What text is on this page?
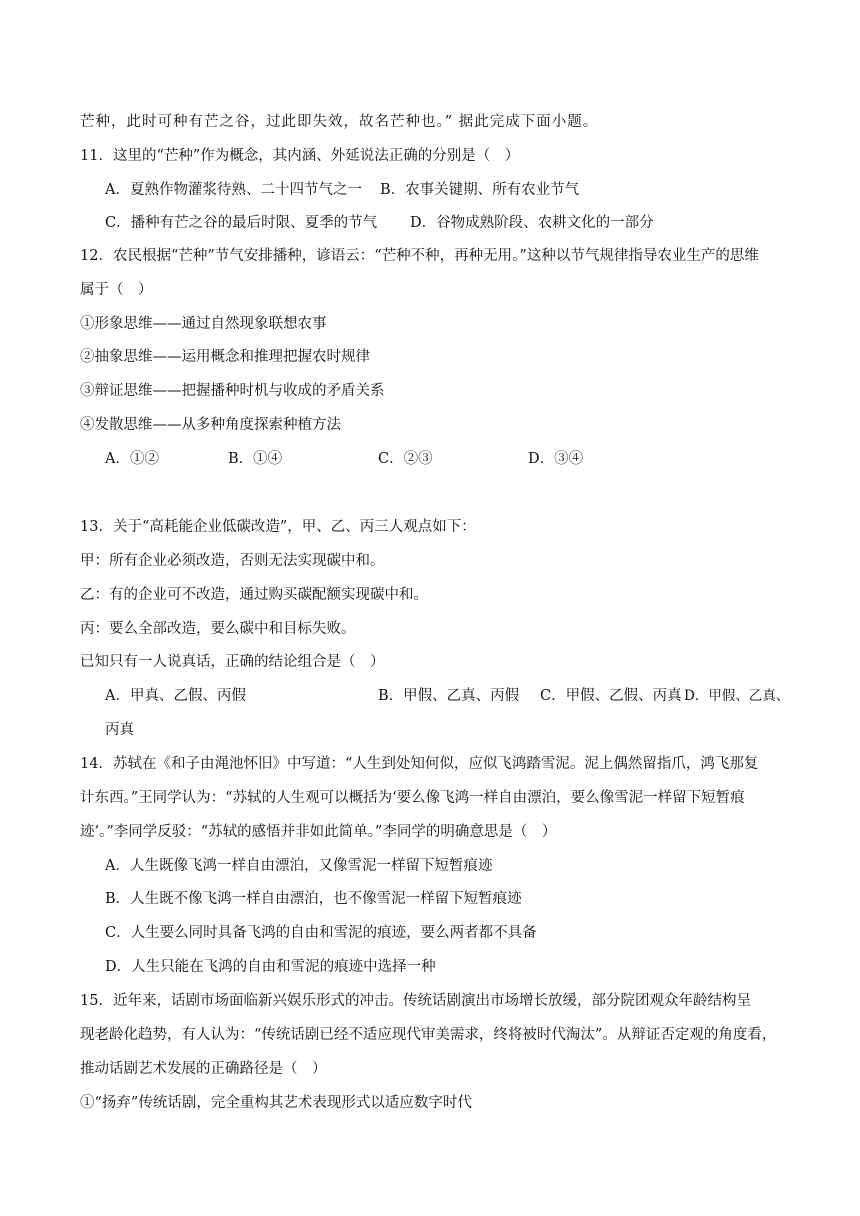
芒种，此时可种有芒之谷，过此即失效，故名芒种也。” 据此完成下面小题。
11．这里的“芒种”作为概念，其内涵、外延说法正确的分别是（　）
A．夏熟作物灌浆待熟、二十四节气之一 B．农事关键期、所有农业节气
C．播种有芒之谷的最后时限、夏季的节气 D．谷物成熟阶段、农耕文化的一部分
12．农民根据“芒种”节气安排播种，谚语云：“芒种不种，再种无用。”这种以节气规律指导农业生产的思维
属于（　）
①形象思维——通过自然现象联想农事
②抽象思维——运用概念和推理把握农时规律
③辩证思维——把握播种时机与收成的矛盾关系
④发散思维——从多种角度探索种植方法
A．①②	B．①④	C．②③	D．③④
13．关于“高耗能企业低碳改造”，甲、乙、丙三人观点如下：
甲：所有企业必须改造，否则无法实现碳中和。
乙：有的企业可不改造，通过购买碳配额实现碳中和。
丙：要么全部改造，要么碳中和目标失败。
已知只有一人说真话，正确的结论组合是（　）
A．甲真、乙假、丙假	B．甲假、乙真、丙假 C．甲假、乙假、丙真 D．甲假、乙真、
丙真
14．苏轼在《和子由渑池怀旧》中写道：“人生到处知何似，应似飞鸿踏雪泥。泥上偶然留指爪，鸿飞那复
计东西。”王同学认为：“苏轼的人生观可以概括为‘要么像飞鸿一样自由漂泊，要么像雪泥一样留下短暂痕
迹’。”李同学反驳：“苏轼的感悟并非如此简单。”李同学的明确意思是（　）
A．人生既像飞鸿一样自由漂泊，又像雪泥一样留下短暂痕迹
B．人生既不像飞鸿一样自由漂泊，也不像雪泥一样留下短暂痕迹
C．人生要么同时具备飞鸿的自由和雪泥的痕迹，要么两者都不具备
D．人生只能在飞鸿的自由和雪泥的痕迹中选择一种
15．近年来，话剧市场面临新兴娱乐形式的冲击。传统话剧演出市场增长放缓，部分院团观众年龄结构呈
现老龄化趋势，有人认为：“传统话剧已经不适应现代审美需求，终将被时代淘汰”。从辩证否定观的角度看，
推动话剧艺术发展的正确路径是（　）
①“扬弃”传统话剧，完全重构其艺术表现形式以适应数字时代
